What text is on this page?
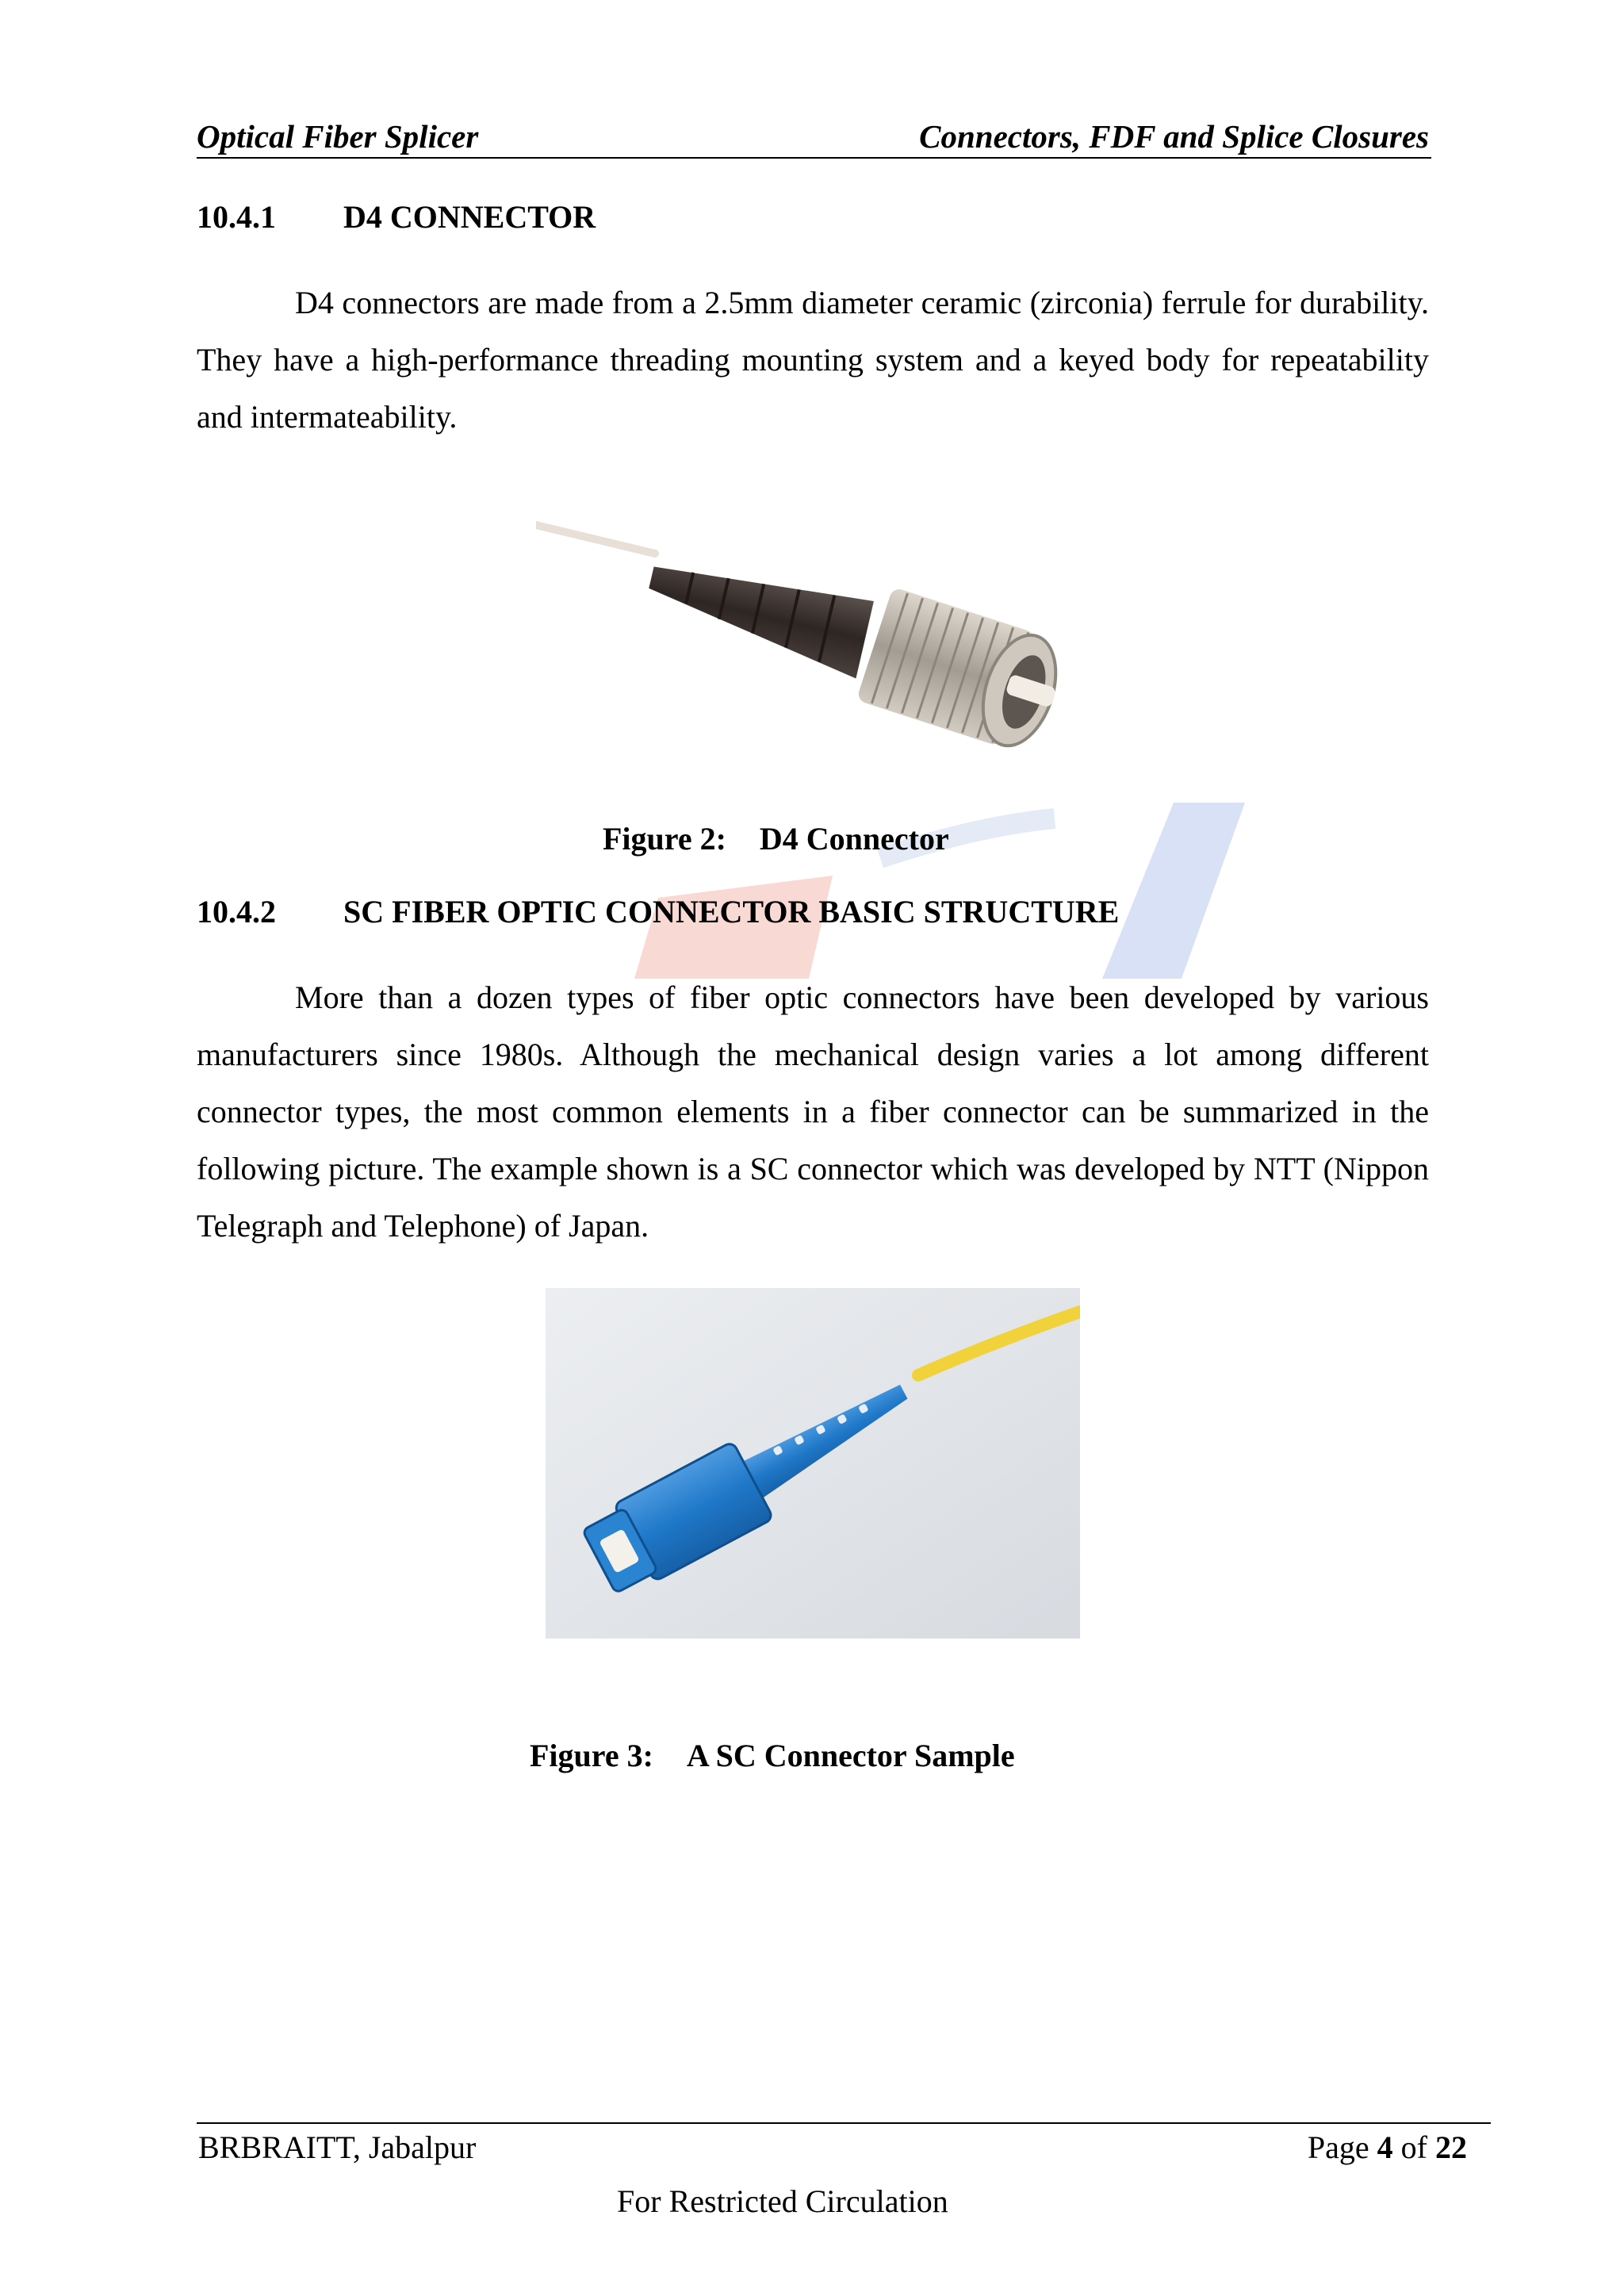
Optical Fiber Splicer	Connectors, FDF and Splice Closures
10.4.1 D4 CONNECTOR

D4 connectors are made from a 2.5mm diameter ceramic (zirconia) ferrule for durability. They have a high-performance threading mounting system and a keyed body for repeatability and intermateability.

Figure 2: D4 Connector
10.4.2 SC FIBER OPTIC CONNECTOR BASIC STRUCTURE

More than a dozen types of fiber optic connectors have been developed by various manufacturers since 1980s. Although the mechanical design varies a lot among different connector types, the most common elements in a fiber connector can be summarized in the following picture. The example shown is a SC connector which was developed by NTT (Nippon Telegraph and Telephone) of Japan.

Figure 3: A SC Connector Sample
BRBRAITT, Jabalpur	Page 4 of 22
For Restricted Circulation
